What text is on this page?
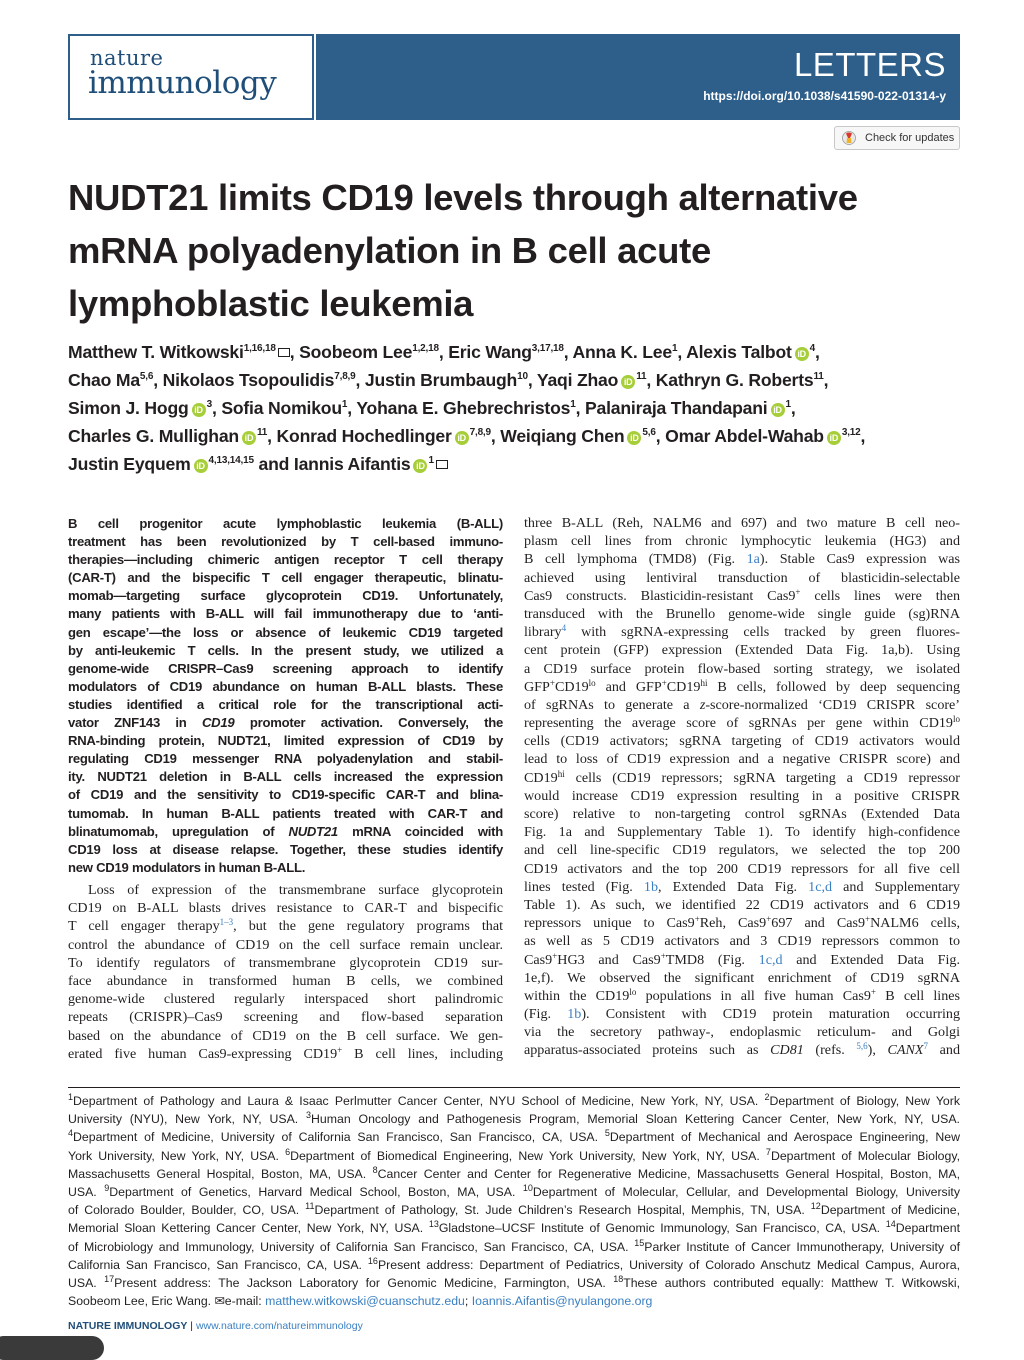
nature
immunology	LETTERS
https://doi.org/10.1038/s41590-022-01314-y
Check for updates
NUDT21 limits CD19 levels through alternative mRNA polyadenylation in B cell acute lymphoblastic leukemia
Matthew T. Witkowski$^{1,16,18}$ , Soobeom Lee$^{1,2,18}$, Eric Wang$^{3,17,18}$, Anna K. Lee$^1$, Alexis Talbot iD $^4$,
Chao Ma$^{5,6}$, Nikolaos Tsopoulidis$^{7,8,9}$, Justin Brumbaugh$^{10}$, Yaqi Zhao iD $^{11}$, Kathryn G. Roberts$^{11}$,
Simon J. Hogg iD $^3$, Sofia Nomikou$^1$, Yohana E. Ghebrechristos$^1$, Palaniraja Thandapani iD $^1$,
Charles G. Mullighan iD $^{11}$, Konrad Hochedlinger iD $^{7,8,9}$, Weiqiang Chen iD $^{5,6}$, Omar Abdel-Wahab iD $^{3,12}$,
Justin Eyquem iD $^{4,13,14,15}$ and Iannis Aifantis iD $^1$
B cell progenitor acute lymphoblastic leukemia (B-ALL)
treatment has been revolutionized by T cell-based immuno-
therapies—including chimeric antigen receptor T cell therapy
(CAR-T) and the bispecific T cell engager therapeutic, blinatu-
momab—targeting surface glycoprotein CD19. Unfortunately,
many patients with B-ALL will fail immunotherapy due to ‘anti-
gen escape’—the loss or absence of leukemic CD19 targeted
by anti-leukemic T cells. In the present study, we utilized a
genome-wide CRISPR–Cas9 screening approach to identify
modulators of CD19 abundance on human B-ALL blasts. These
studies identified a critical role for the transcriptional acti-
vator ZNF143 in CD19 promoter activation. Conversely, the
RNA-binding protein, NUDT21, limited expression of CD19 by
regulating CD19 messenger RNA polyadenylation and stabil-
ity. NUDT21 deletion in B-ALL cells increased the expression
of CD19 and the sensitivity to CD19-specific CAR-T and blina-
tumomab. In human B-ALL patients treated with CAR-T and
blinatumomab, upregulation of NUDT21 mRNA coincided with
CD19 loss at disease relapse. Together, these studies identify
new CD19 modulators in human B-ALL.
Loss of expression of the transmembrane surface glycoprotein
CD19 on B-ALL blasts drives resistance to CAR-T and bispecific
T cell engager therapy$^{1-3}$, but the gene regulatory programs that
control the abundance of CD19 on the cell surface remain unclear.
To identify regulators of transmembrane glycoprotein CD19 sur-
face abundance in transformed human B cells, we combined
genome-wide clustered regularly interspaced short palindromic
repeats (CRISPR)–Cas9 screening and flow-based separation
based on the abundance of CD19 on the B cell surface. We gen-
erated five human Cas9-expressing CD19+ B cell lines, including
three B-ALL (Reh, NALM6 and 697) and two mature B cell neo-
plasm cell lines from chronic lymphocytic leukemia (HG3) and
B cell lymphoma (TMD8) (Fig. 1a). Stable Cas9 expression was
achieved using lentiviral transduction of blasticidin-selectable
Cas9 constructs. Blasticidin-resistant Cas9+ cells lines were then
transduced with the Brunello genome-wide single guide (sg)RNA
library$^4$ with sgRNA-expressing cells tracked by green fluores-
cent protein (GFP) expression (Extended Data Fig. 1a,b). Using
a CD19 surface protein flow-based sorting strategy, we isolated
$GFP^+CD19^{lo}$ and $GFP^+CD19^{hi}$ B cells, followed by deep sequencing
of sgRNAs to generate a z-score-normalized ‘CD19 CRISPR score’
representing the average score of sgRNAs per gene within $CD19^{lo}$
cells (CD19 activators; sgRNA targeting of CD19 activators would
lead to loss of CD19 expression and a negative CRISPR score) and
$CD19^{hi}$ cells (CD19 repressors; sgRNA targeting a CD19 repressor
would increase CD19 expression resulting in a positive CRISPR
score) relative to non-targeting control sgRNAs (Extended Data
Fig. 1a and Supplementary Table 1). To identify high-confidence
and cell line-specific CD19 regulators, we selected the top 200
CD19 activators and the top 200 CD19 repressors for all five cell
lines tested (Fig. 1b, Extended Data Fig. 1c,d and Supplementary
Table 1). As such, we identified 22 CD19 activators and 6 CD19
repressors unique to Cas9+Reh, Cas9+697 and Cas9+NALM6 cells,
as well as 5 CD19 activators and 3 CD19 repressors common to
Cas9+HG3 and Cas9+TMD8 (Fig. 1c,d and Extended Data Fig.
1e,f). We observed the significant enrichment of CD19 sgRNA
within the $CD19^{lo}$ populations in all five human Cas9+ B cell lines
(Fig. 1b). Consistent with CD19 protein maturation occurring
via the secretory pathway-, endoplasmic reticulum- and Golgi
apparatus-associated proteins such as CD81 (refs. $^{5,6}$), CANX$^7$ and
$^1$Department of Pathology and Laura & Isaac Perlmutter Cancer Center, NYU School of Medicine, New York, NY, USA. $^2$Department of Biology, New York
University (NYU), New York, NY, USA. $^3$Human Oncology and Pathogenesis Program, Memorial Sloan Kettering Cancer Center, New York, NY, USA.
$^4$Department of Medicine, University of California San Francisco, San Francisco, CA, USA. $^5$Department of Mechanical and Aerospace Engineering, New
York University, New York, NY, USA. $^6$Department of Biomedical Engineering, New York University, New York, NY, USA. $^7$Department of Molecular Biology,
Massachusetts General Hospital, Boston, MA, USA. $^8$Cancer Center and Center for Regenerative Medicine, Massachusetts General Hospital, Boston, MA,
USA. $^9$Department of Genetics, Harvard Medical School, Boston, MA, USA. $^{10}$Department of Molecular, Cellular, and Developmental Biology, University
of Colorado Boulder, Boulder, CO, USA. $^{11}$Department of Pathology, St. Jude Children’s Research Hospital, Memphis, TN, USA. $^{12}$Department of Medicine,
Memorial Sloan Kettering Cancer Center, New York, NY, USA. $^{13}$Gladstone–UCSF Institute of Genomic Immunology, San Francisco, CA, USA. $^{14}$Department
of Microbiology and Immunology, University of California San Francisco, San Francisco, CA, USA. $^{15}$Parker Institute of Cancer Immunotherapy, University of
California San Francisco, San Francisco, CA, USA. $^{16}$Present address: Department of Pediatrics, University of Colorado Anschutz Medical Campus, Aurora,
USA. $^{17}$Present address: The Jackson Laboratory for Genomic Medicine, Farmington, USA. $^{18}$These authors contributed equally: Matthew T. Witkowski,
Soobeom Lee, Eric Wang. ✉e-mail: matthew.witkowski@cuanschutz.edu; Ioannis.Aifantis@nyulangone.org
NATURE IMMUNOLOGY | www.nature.com/natureimmunology
